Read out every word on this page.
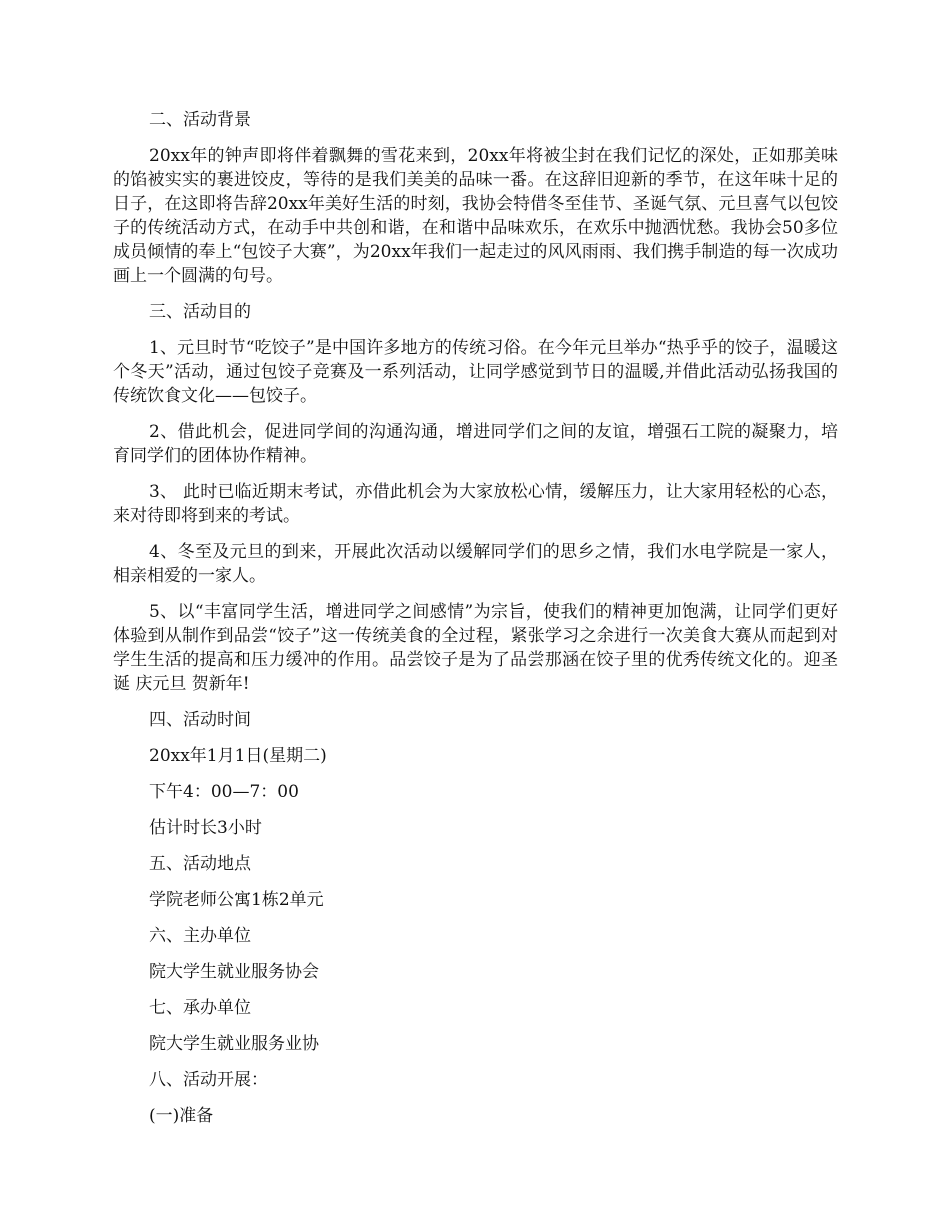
二、活动背景

20xx年的钟声即将伴着飘舞的雪花来到，20xx年将被尘封在我们记忆的深处，正如那美味的馅被实实的裹进饺皮，等待的是我们美美的品味一番。在这辞旧迎新的季节，在这年味十足的日子，在这即将告辞20xx年美好生活的时刻，我协会特借冬至佳节、圣诞气氛、元旦喜气以包饺子的传统活动方式，在动手中共创和谐，在和谐中品味欢乐，在欢乐中抛洒忧愁。我协会50多位成员倾情的奉上“包饺子大赛”，为20xx年我们一起走过的风风雨雨、我们携手制造的每一次成功画上一个圆满的句号。

三、活动目的

1、元旦时节“吃饺子”是中国许多地方的传统习俗。在今年元旦举办“热乎乎的饺子，温暖这个冬天”活动，通过包饺子竞赛及一系列活动，让同学感觉到节日的温暖,并借此活动弘扬我国的传统饮食文化——包饺子。

2、借此机会，促进同学间的沟通沟通，增进同学们之间的友谊，增强石工院的凝聚力，培育同学们的团体协作精神。

3、 此时已临近期末考试，亦借此机会为大家放松心情，缓解压力，让大家用轻松的心态，来对待即将到来的考试。

4、冬至及元旦的到来，开展此次活动以缓解同学们的思乡之情，我们水电学院是一家人，相亲相爱的一家人。

5、以“丰富同学生活，增进同学之间感情”为宗旨，使我们的精神更加饱满，让同学们更好体验到从制作到品尝“饺子”这一传统美食的全过程，紧张学习之余进行一次美食大赛从而起到对学生生活的提高和压力缓冲的作用。品尝饺子是为了品尝那涵在饺子里的优秀传统文化的。迎圣诞 庆元旦 贺新年!

四、活动时间

20xx年1月1日(星期二)

下午4：00—7：00

估计时长3小时

五、活动地点

学院老师公寓1栋2单元

六、主办单位

院大学生就业服务协会

七、承办单位

院大学生就业服务业协

八、活动开展：

(一)准备
